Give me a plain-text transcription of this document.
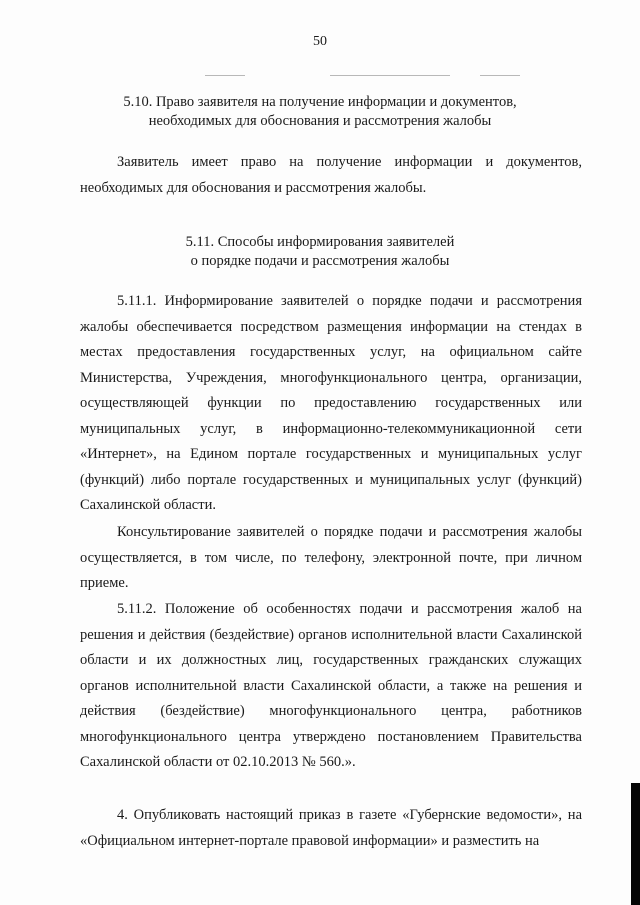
50
5.10. Право заявителя на получение информации и документов,
необходимых для обоснования и рассмотрения жалобы
Заявитель имеет право на получение информации и документов, необходимых для обоснования и рассмотрения жалобы.
5.11. Способы информирования заявителей
о порядке подачи и рассмотрения жалобы
5.11.1. Информирование заявителей о порядке подачи и рассмотрения жалобы обеспечивается посредством размещения информации на стендах в местах предоставления государственных услуг, на официальном сайте Министерства, Учреждения, многофункционального центра, организации, осуществляющей функции по предоставлению государственных или муниципальных услуг, в информационно-телекоммуникационной сети «Интернет», на Едином портале государственных и муниципальных услуг (функций) либо портале государственных и муниципальных услуг (функций) Сахалинской области.
Консультирование заявителей о порядке подачи и рассмотрения жалобы осуществляется, в том числе, по телефону, электронной почте, при личном приеме.
5.11.2. Положение об особенностях подачи и рассмотрения жалоб на решения и действия (бездействие) органов исполнительной власти Сахалинской области и их должностных лиц, государственных гражданских служащих органов исполнительной власти Сахалинской области, а также на решения и действия (бездействие) многофункционального центра, работников многофункционального центра утверждено постановлением Правительства Сахалинской области от 02.10.2013 № 560.».
4. Опубликовать настоящий приказ в газете «Губернские ведомости», на «Официальном интернет-портале правовой информации» и разместить на
